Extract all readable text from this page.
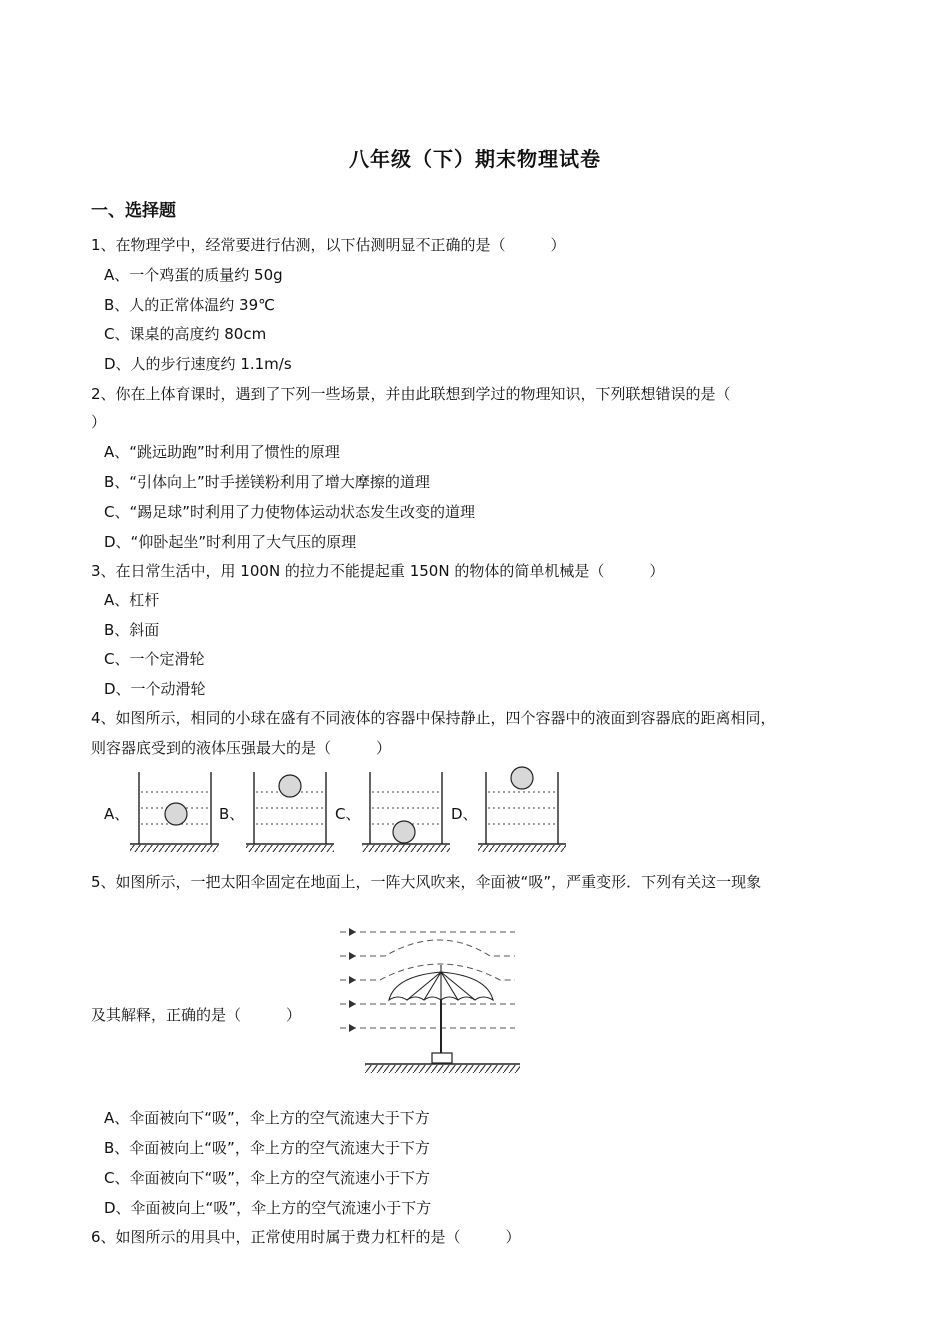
八年级（下）期末物理试卷
一、选择题
1、在物理学中，经常要进行估测，以下估测明显不正确的是（　　　）
A、一个鸡蛋的质量约 50g
B、人的正常体温约 39℃
C、课桌的高度约 80cm
D、人的步行速度约 1.1m/s
2、你在上体育课时，遇到了下列一些场景，并由此联想到学过的物理知识，下列联想错误的是（
）
A、“跳远助跑”时利用了惯性的原理
B、“引体向上”时手搓镁粉利用了增大摩擦的道理
C、“踢足球”时利用了力使物体运动状态发生改变的道理
D、“仰卧起坐”时利用了大气压的原理
3、在日常生活中，用 100N 的拉力不能提起重 150N 的物体的简单机械是（　　　）
A、杠杆
B、斜面
C、一个定滑轮
D、一个动滑轮
4、如图所示，相同的小球在盛有不同液体的容器中保持静止，四个容器中的液面到容器底的距离相同，
则容器底受到的液体压强最大的是（　　　）
A、	B、	C、	D、
5、如图所示，一把太阳伞固定在地面上，一阵大风吹来，伞面被“吸”，严重变形．下列有关这一现象
及其解释，正确的是（　　　）
A、伞面被向下“吸”，伞上方的空气流速大于下方
B、伞面被向上“吸”，伞上方的空气流速大于下方
C、伞面被向下“吸”，伞上方的空气流速小于下方
D、伞面被向上“吸”，伞上方的空气流速小于下方
6、如图所示的用具中，正常使用时属于费力杠杆的是（　　　）
